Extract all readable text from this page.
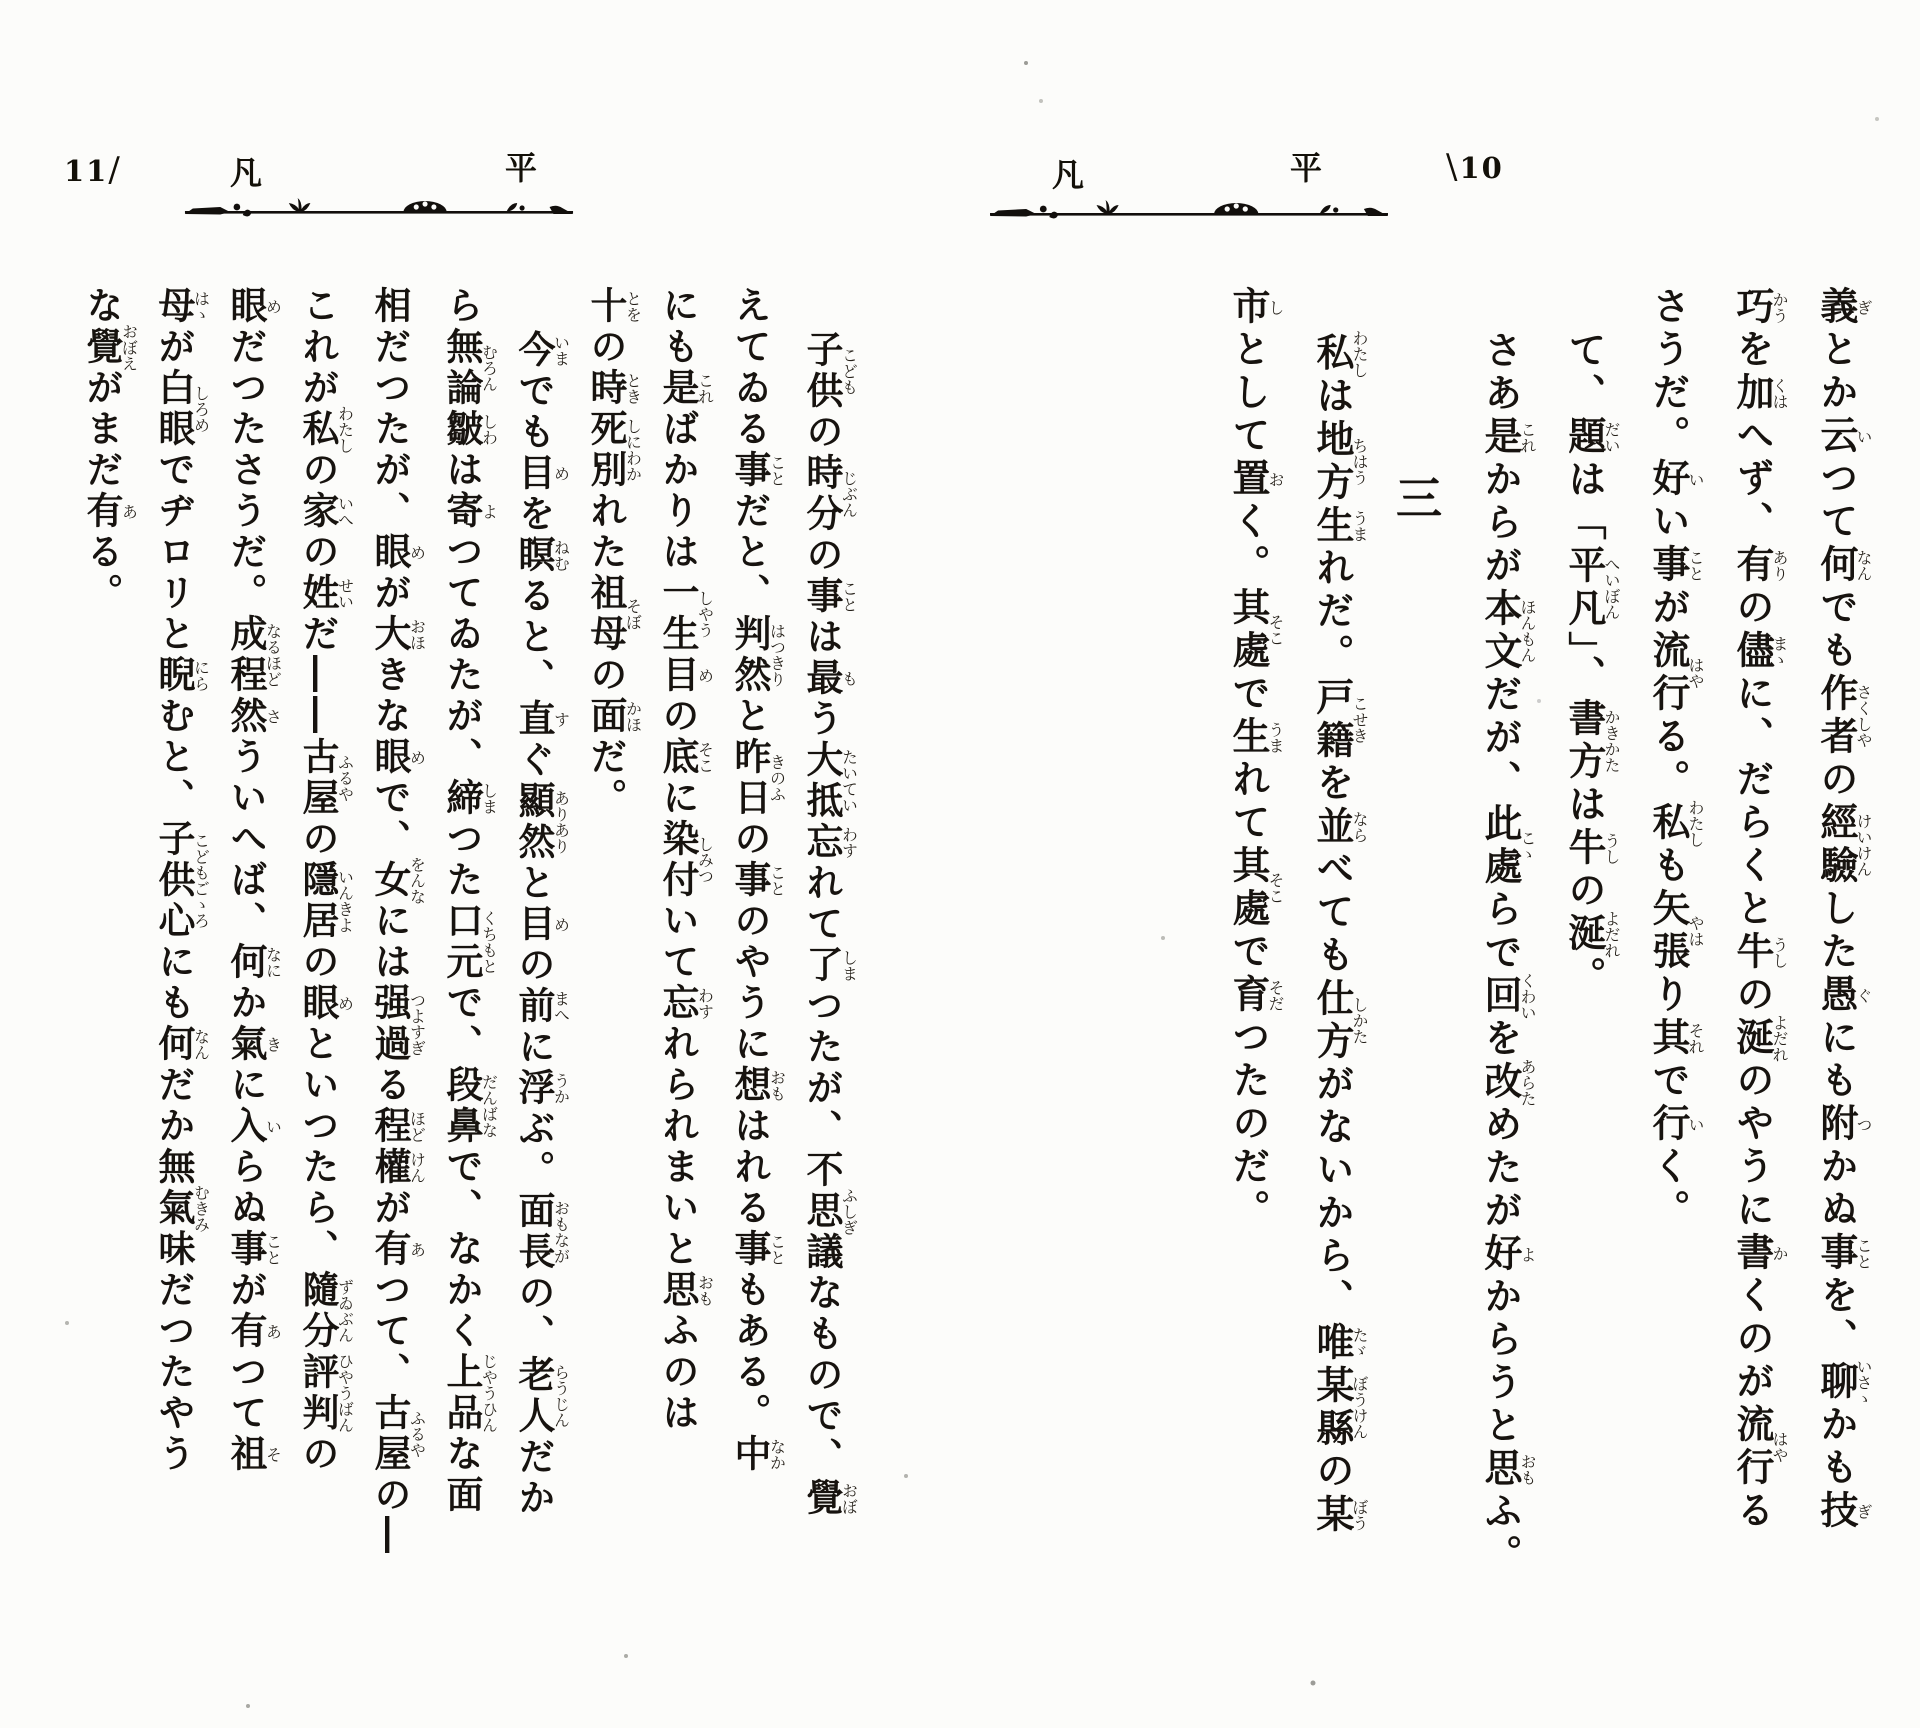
11/	凡	平

子供こどもの時分じぶんの事ことは最もう大抵たいてい忘わすれて了しまつたが、不思議ふしぎなもので、覺おぼ

えてゐる事ことだと、判然はつきりと昨日きのふの事ことのやうに想おもはれる事こともある。中なか

にも是こればかりは一生しやう目めの底そこに染付しみついて忘わすれられまいと思おもふのは

十とをの時とき死別しにわかれた祖母そぼの面かほだ。

今いまでも目めを瞑ねむると、直すぐ顯然ありありと目めの前まへに浮うかぶ。面長おもながの、老人らうじんだか

ら無論むろん皺しわは寄よつてゐたが、締しまつた口元くちもとで、段鼻だんばなで、なかく上品じやうひんな面

相だつたが、眼めが大おほきな眼めで、女をんなには强過つよすぎる程ほど權けんが有あつて、古屋ふるやの―

これが私わたしの家いへの姓せいだ――古屋ふるやの隱居いんきよの眼めといつたら、隨分ずゐぶん評判ひやうばんの

眼めだつたさうだ。成程なるほど然さういへば、何なにか氣きに入いらぬ事ことが有あつて祖そ

母はゝが白眼しろめでヂロリと睨にらむと、子供心こどもごゝろにも何なんだか無氣味むきみだつたやう

な覺おぼえがまだ有ある。

\10
凡	平

義ぎとか云いつて何なんでも作者さくしやの經驗けいけんした愚ぐにも附つかぬ事ことを、聊いさゝかも技ぎ

巧かうを加くはへず、有ありの儘まゝに、だらくと牛うしの涎よだれのやうに書かくのが流行はやる

さうだ。好いい事ことが流行はやる。私わたしも矢張やはり其それで行いく。

て、題だいは「平凡へいぼん」、書方かきかたは牛うしの涎よだれ。

さあ是これからが本文ほんもんだが、此處こゝらで回くわいを改あらためたが好よからうと思おもふ。

三

私わたしは地方ちはう生うまれだ。戸籍こせきを並ならべても仕方しかたがないから、唯たゞ某縣ぼうけんの某ぼう

市しとして置おく。其處そこで生うまれて其處そこで育そだつたのだ。
